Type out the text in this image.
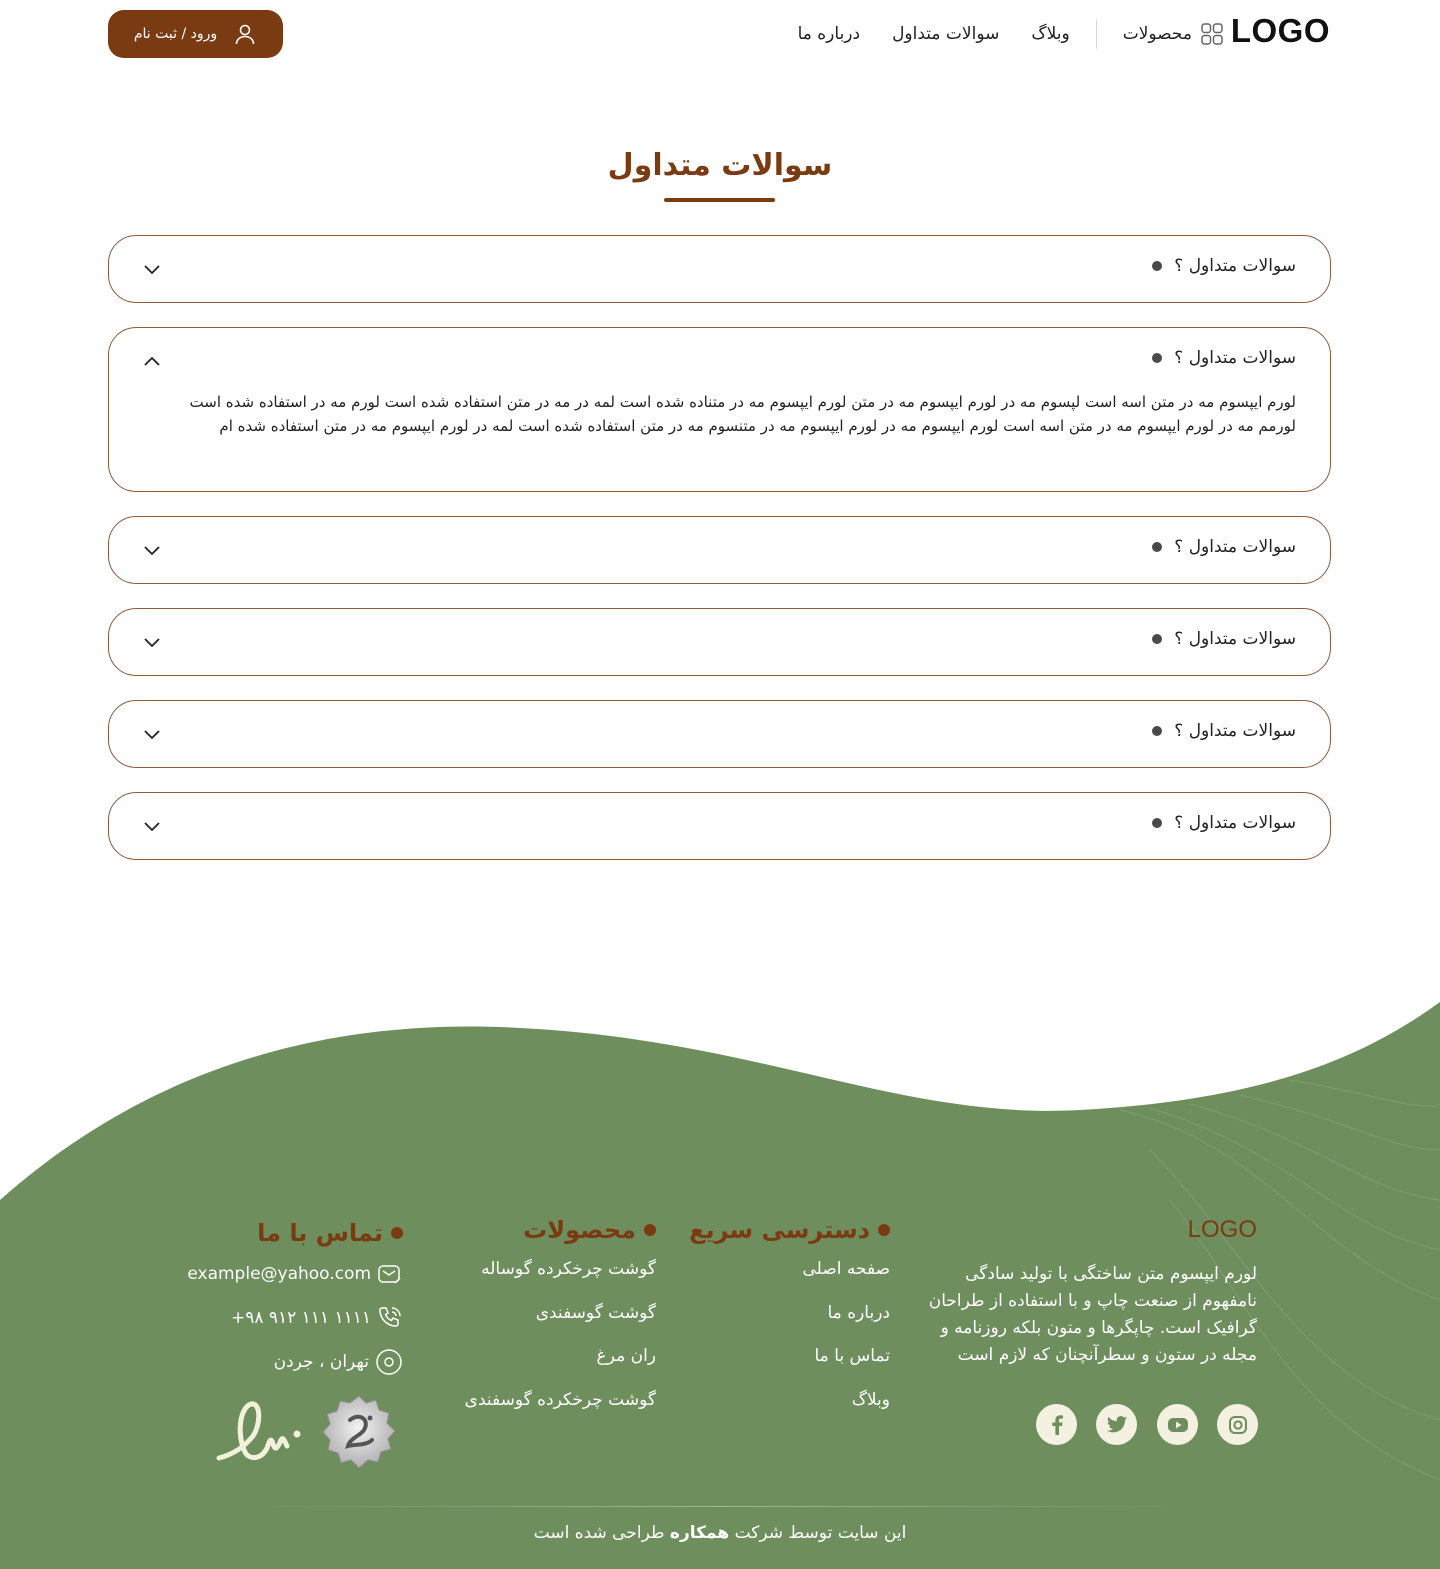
LOGO
محصولات
وبلاگ
سوالات متداول
درباره ما
ورود / ثبت نام
سوالات متداول
سوالات متداول ؟
سوالات متداول ؟
لورم ایپسوم مه در متن اسه است لپسوم مه در لورم ایپسوم مه در متن لورم ایپسوم مه در متناده شده است لمه در مه در متن استفاده شده است لورم مه در استفاده شده است لورمم مه در لورم ایپسوم مه در متن اسه است لورم ایپسوم مه در لورم ایپسوم مه در متنسوم مه در متن استفاده شده است لمه در لورم ایپسوم مه در متن استفاده شده ام
سوالات متداول ؟
سوالات متداول ؟
سوالات متداول ؟
سوالات متداول ؟
LOGO
لورم ایپسوم متن ساختگی با تولید سادگی نامفهوم از صنعت چاپ و با استفاده از طراحان گرافیک است. چاپگرها و متون بلکه روزنامه و مجله در ستون و سطرآنچنان که لازم است
دسترسی سریع
صفحه اصلی
درباره ما
تماس با ما
وبلاگ
محصولات
گوشت چرخکرده گوساله
گوشت گوسفندی
ران مرغ
گوشت چرخکرده گوسفندی
تماس با ما
example@yahoo.com
+۹۸ ۹۱۲ ۱۱۱ ۱۱۱۱
تهران ، جردن
این سایت توسط شرکت همکاره طراحی شده است
